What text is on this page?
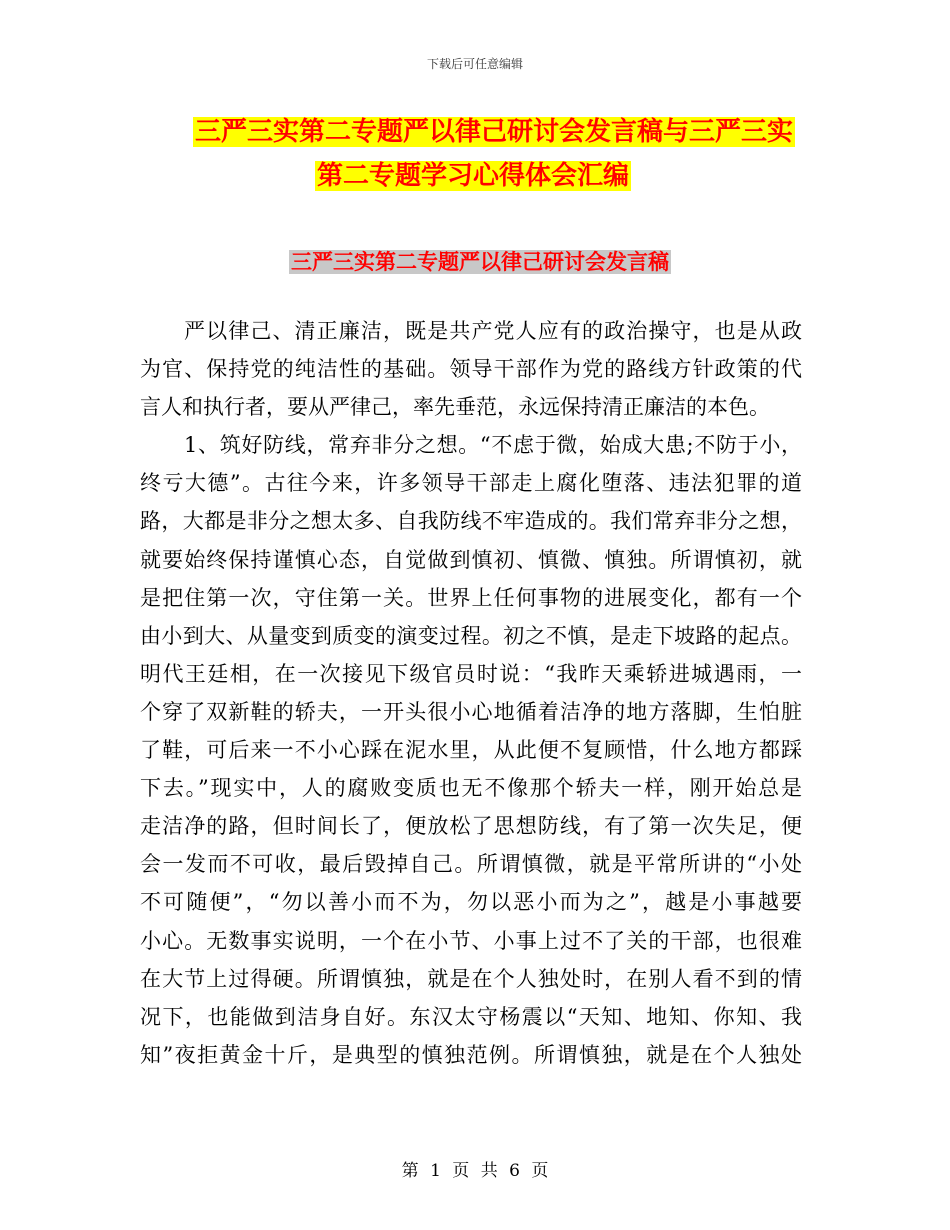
下载后可任意编辑
三严三实第二专题严以律己研讨会发言稿与三严三实
第二专题学习心得体会汇编
三严三实第二专题严以律己研讨会发言稿
严以律己、清正廉洁，既是共产党人应有的政治操守，也是从政
为官、保持党的纯洁性的基础。领导干部作为党的路线方针政策的代
言人和执行者，要从严律己，率先垂范，永远保持清正廉洁的本色。
1、筑好防线，常弃非分之想。“不虑于微，始成大患;不防于小，
终亏大德”。古往今来，许多领导干部走上腐化堕落、违法犯罪的道
路，大都是非分之想太多、自我防线不牢造成的。我们常弃非分之想，
就要始终保持谨慎心态，自觉做到慎初、慎微、慎独。所谓慎初，就
是把住第一次，守住第一关。世界上任何事物的进展变化，都有一个
由小到大、从量变到质变的演变过程。初之不慎，是走下坡路的起点。
明代王廷相，在一次接见下级官员时说：“我昨天乘轿进城遇雨，一
个穿了双新鞋的轿夫，一开头很小心地循着洁净的地方落脚，生怕脏
了鞋，可后来一不小心踩在泥水里，从此便不复顾惜，什么地方都踩
下去。”现实中，人的腐败变质也无不像那个轿夫一样，刚开始总是
走洁净的路，但时间长了，便放松了思想防线，有了第一次失足，便
会一发而不可收，最后毁掉自己。所谓慎微，就是平常所讲的“小处
不可随便”，“勿以善小而不为，勿以恶小而为之”，越是小事越要
小心。无数事实说明，一个在小节、小事上过不了关的干部，也很难
在大节上过得硬。所谓慎独，就是在个人独处时，在别人看不到的情
况下，也能做到洁身自好。东汉太守杨震以“天知、地知、你知、我
知”夜拒黄金十斤，是典型的慎独范例。所谓慎独，就是在个人独处
第 1 页 共 6 页
